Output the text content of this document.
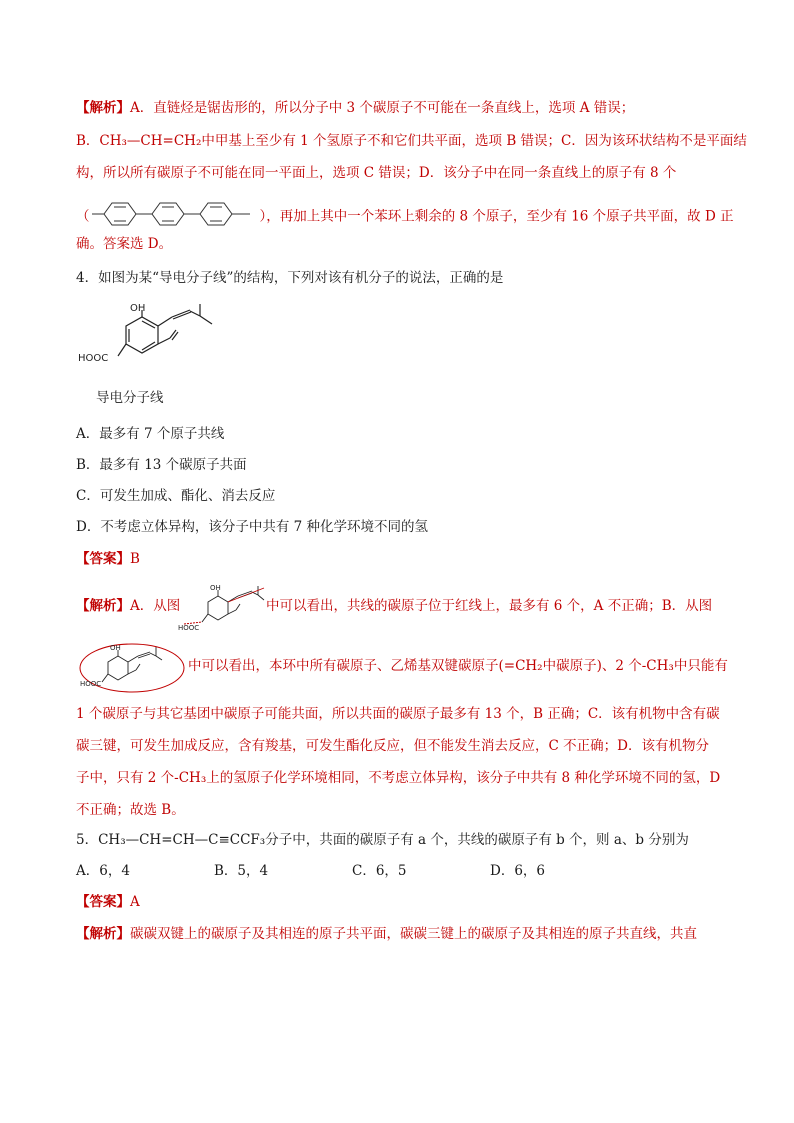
【解析】A．直链烃是锯齿形的，所以分子中 3 个碳原子不可能在一条直线上，选项 A 错误；
B．CH₃—CH=CH₂中甲基上至少有 1 个氢原子不和它们共平面，选项 B 错误；C．因为该环状结构不是平面结
构，所以所有碳原子不可能在同一平面上，选项 C 错误；D．该分子中在同一条直线上的原子有 8 个
（	），再加上其中一个苯环上剩余的 8 个原子，至少有 16 个原子共平面，故 D 正
确。答案选 D。
4．如图为某“导电分子线”的结构，下列对该有机分子的说法，正确的是
OH
HOOC
导电分子线
A．最多有 7 个原子共线
B．最多有 13 个碳原子共面
C．可发生加成、酯化、消去反应
D．不考虑立体异构，该分子中共有 7 种化学环境不同的氢
【答案】B
【解析】A．从图
OH
HOOC
中可以看出，共线的碳原子位于红线上，最多有 6 个，A 不正确；B．从图
OH
HOOC
中可以看出，本环中所有碳原子、乙烯基双键碳原子(=CH₂中碳原子)、2 个-CH₃中只能有
1 个碳原子与其它基团中碳原子可能共面，所以共面的碳原子最多有 13 个，B 正确；C．该有机物中含有碳
碳三键，可发生加成反应，含有羧基，可发生酯化反应，但不能发生消去反应，C 不正确；D．该有机物分
子中，只有 2 个-CH₃上的氢原子化学环境相同，不考虑立体异构，该分子中共有 8 种化学环境不同的氢，D
不正确；故选 B。
5．CH₃—CH=CH—C≡CCF₃分子中，共面的碳原子有 a 个，共线的碳原子有 b 个，则 a、b 分别为
A．6，4	B．5，4	C．6，5	D．6，6
【答案】A
【解析】碳碳双键上的碳原子及其相连的原子共平面，碳碳三键上的碳原子及其相连的原子共直线，共直
